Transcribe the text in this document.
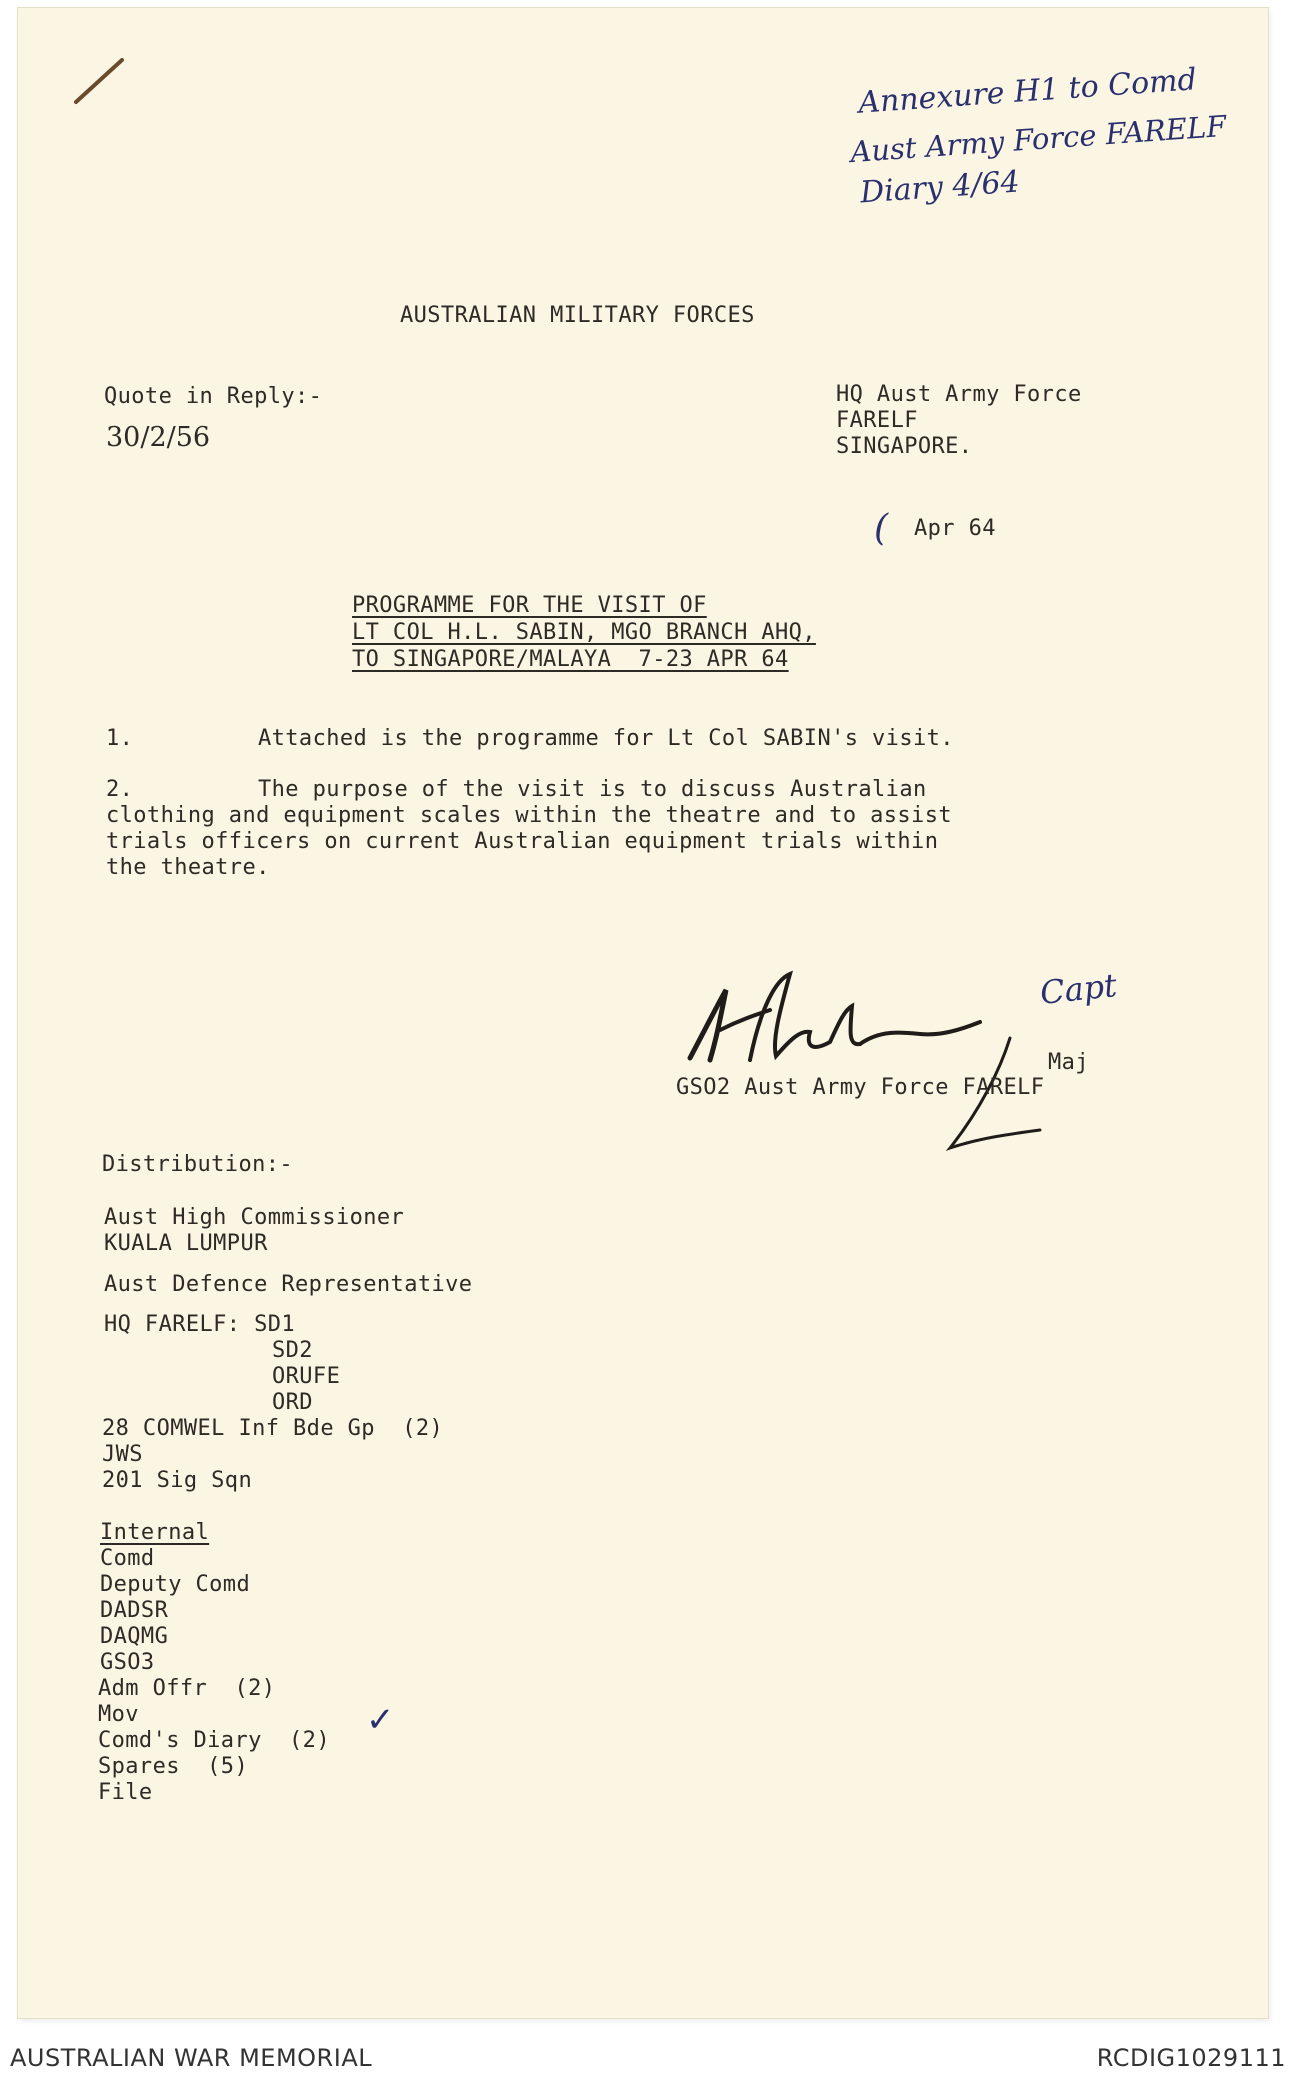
Annexure H1 to Comd
Aust Army Force FARELF
Diary 4/64
AUSTRALIAN MILITARY FORCES
Quote in Reply:-
30/2/56
HQ Aust Army Force
FARELF
SINGAPORE.
( Apr 64
PROGRAMME FOR THE VISIT OF
LT COL H.L. SABIN, MGO BRANCH AHQ,
TO SINGAPORE/MALAYA  7-23 APR 64
1.	Attached is the programme for Lt Col SABIN's visit.
2.	The purpose of the visit is to discuss Australian
clothing and equipment scales within the theatre and to assist
trials officers on current Australian equipment trials within
the theatre.
Capt
Maj
GSO2 Aust Army Force FARELF
Distribution:-
Aust High Commissioner
KUALA LUMPUR
Aust Defence Representative
HQ FARELF: SD1
SD2
ORUFE
ORD
28 COMWEL Inf Bde Gp  (2)
JWS
201 Sig Sqn
Internal
Comd
Deputy Comd
DADSR
DAQMG
GSO3
Adm Offr  (2)
Mov
Comd's Diary  (2)
✓
Spares  (5)
File
AUSTRALIAN WAR MEMORIAL	RCDIG1029111
